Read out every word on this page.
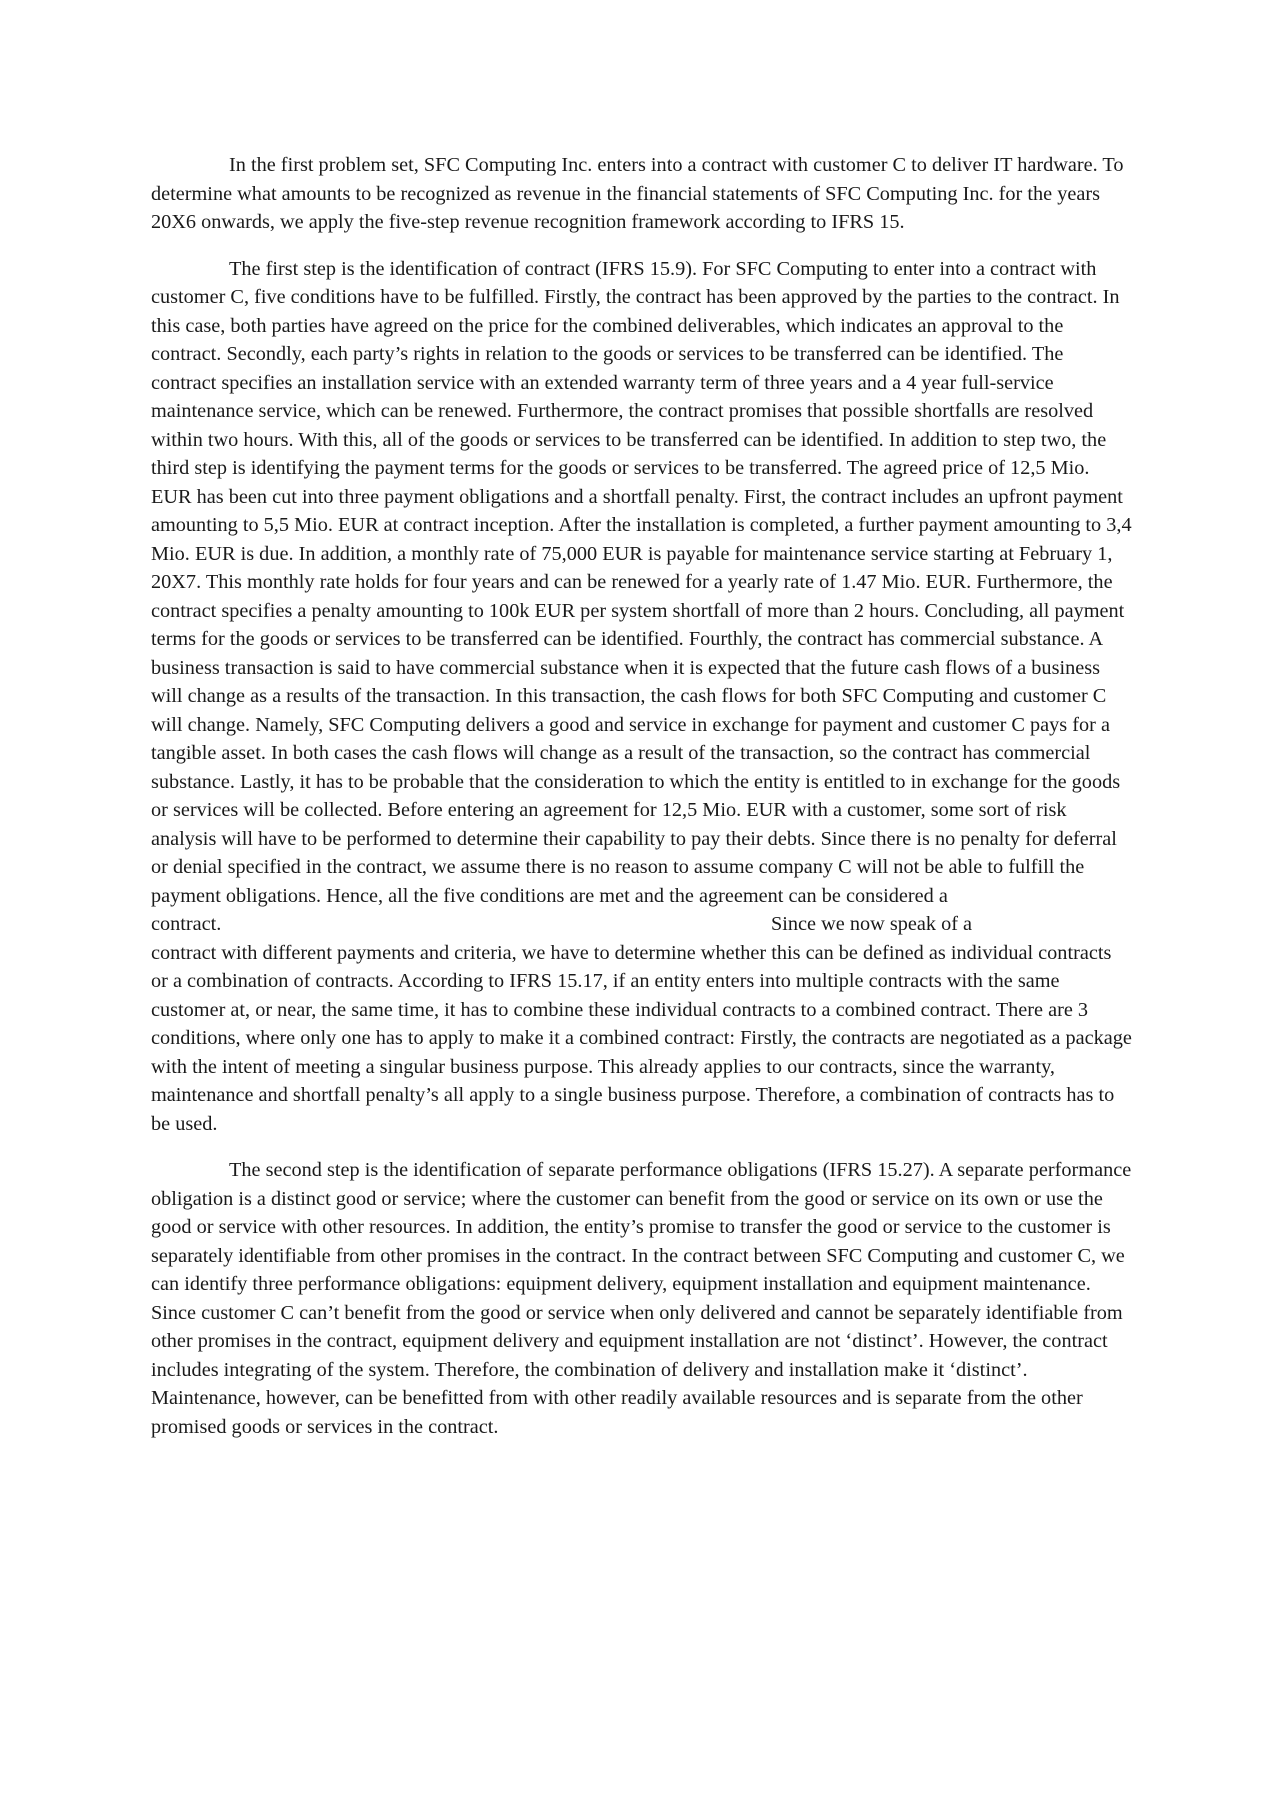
In the first problem set, SFC Computing Inc. enters into a contract with customer C to deliver IT hardware. To determine what amounts to be recognized as revenue in the financial statements of SFC Computing Inc. for the years 20X6 onwards, we apply the five-step revenue recognition framework according to IFRS 15.

The first step is the identification of contract (IFRS 15.9). For SFC Computing to enter into a contract with customer C, five conditions have to be fulfilled. Firstly, the contract has been approved by the parties to the contract. In this case, both parties have agreed on the price for the combined deliverables, which indicates an approval to the contract. Secondly, each party’s rights in relation to the goods or services to be transferred can be identified. The contract specifies an installation service with an extended warranty term of three years and a 4 year full-service maintenance service, which can be renewed. Furthermore, the contract promises that possible shortfalls are resolved within two hours. With this, all of the goods or services to be transferred can be identified. In addition to step two, the third step is identifying the payment terms for the goods or services to be transferred. The agreed price of 12,5 Mio. EUR has been cut into three payment obligations and a shortfall penalty. First, the contract includes an upfront payment amounting to 5,5 Mio. EUR at contract inception. After the installation is completed, a further payment amounting to 3,4 Mio. EUR is due. In addition, a monthly rate of 75,000 EUR is payable for maintenance service starting at February 1, 20X7. This monthly rate holds for four years and can be renewed for a yearly rate of 1.47 Mio. EUR. Furthermore, the contract specifies a penalty amounting to 100k EUR per system shortfall of more than 2 hours. Concluding, all payment terms for the goods or services to be transferred can be identified. Fourthly, the contract has commercial substance. A business transaction is said to have commercial substance when it is expected that the future cash flows of a business will change as a results of the transaction. In this transaction, the cash flows for both SFC Computing and customer C will change. Namely, SFC Computing delivers a good and service in exchange for payment and customer C pays for a tangible asset. In both cases the cash flows will change as a result of the transaction, so the contract has commercial substance. Lastly, it has to be probable that the consideration to which the entity is entitled to in exchange for the goods or services will be collected. Before entering an agreement for 12,5 Mio. EUR with a customer, some sort of risk analysis will have to be performed to determine their capability to pay their debts. Since there is no penalty for deferral or denial specified in the contract, we assume there is no reason to assume company C will not be able to fulfill the payment obligations. Hence, all the five conditions are met and the agreement can be considered a
contract.	Since we now speak of a
contract with different payments and criteria, we have to determine whether this can be defined as individual contracts or a combination of contracts. According to IFRS 15.17, if an entity enters into multiple contracts with the same customer at, or near, the same time, it has to combine these individual contracts to a combined contract. There are 3 conditions, where only one has to apply to make it a combined contract: Firstly, the contracts are negotiated as a package with the intent of meeting a singular business purpose. This already applies to our contracts, since the warranty, maintenance and shortfall penalty’s all apply to a single business purpose. Therefore, a combination of contracts has to be used.

The second step is the identification of separate performance obligations (IFRS 15.27). A separate performance obligation is a distinct good or service; where the customer can benefit from the good or service on its own or use the good or service with other resources. In addition, the entity’s promise to transfer the good or service to the customer is separately identifiable from other promises in the contract. In the contract between SFC Computing and customer C, we can identify three performance obligations: equipment delivery, equipment installation and equipment maintenance. Since customer C can’t benefit from the good or service when only delivered and cannot be separately identifiable from other promises in the contract, equipment delivery and equipment installation are not ‘distinct’. However, the contract includes integrating of the system. Therefore, the combination of delivery and installation make it ‘distinct’. Maintenance, however, can be benefitted from with other readily available resources and is separate from the other promised goods or services in the contract.
